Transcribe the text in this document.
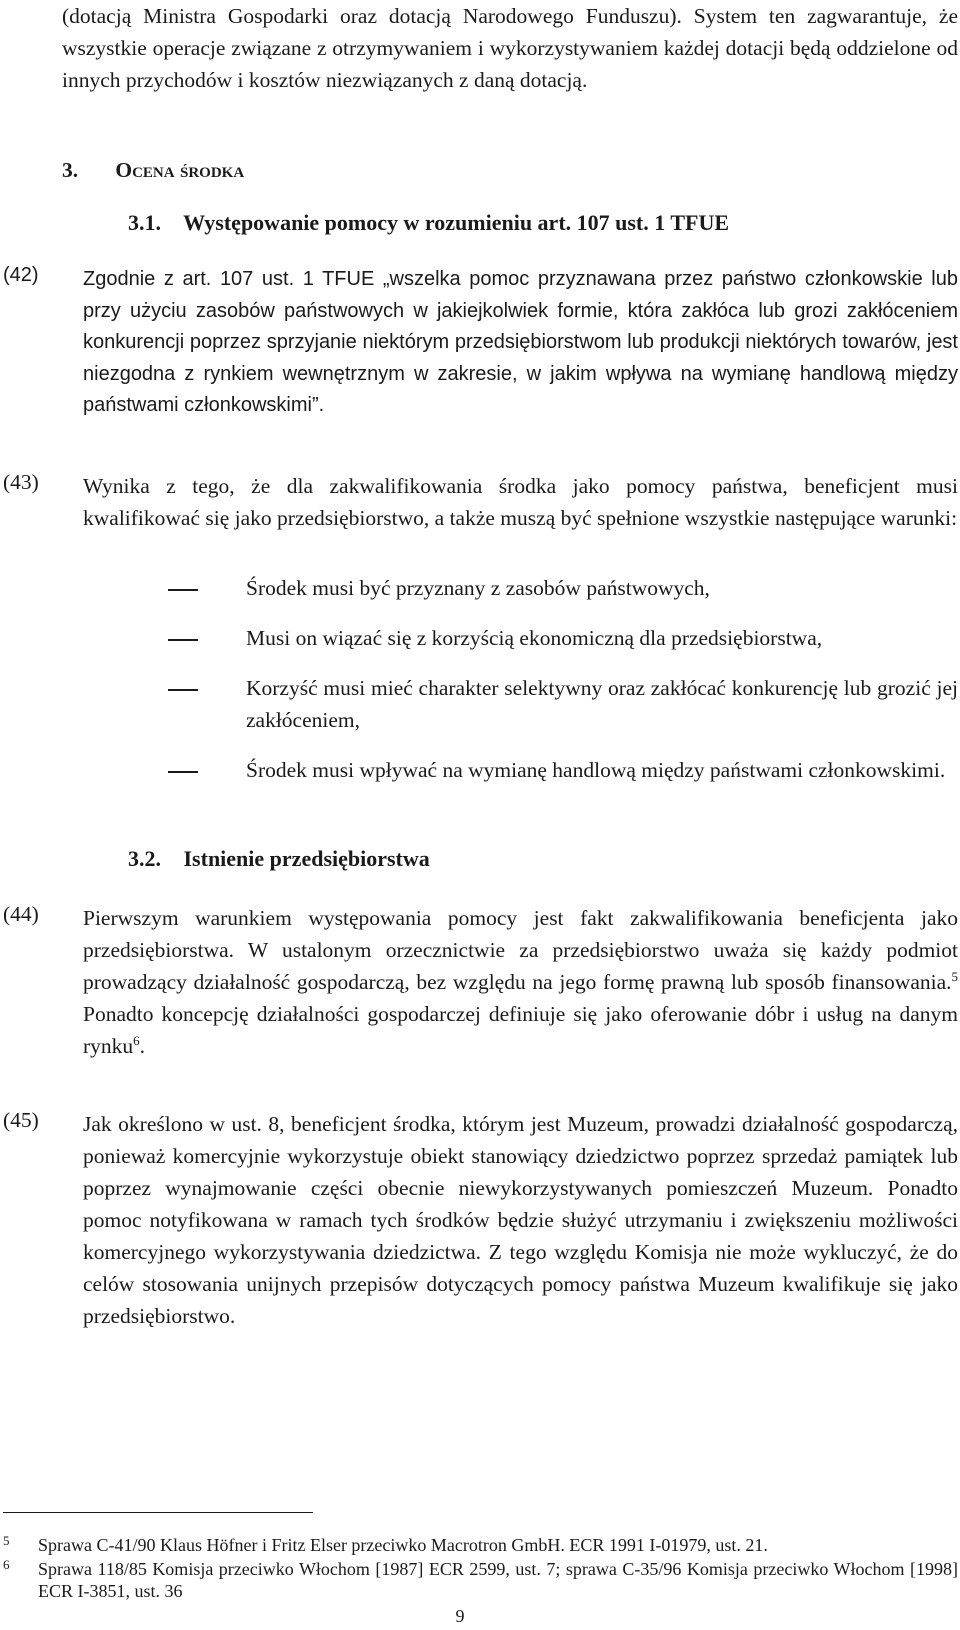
(dotacją Ministra Gospodarki oraz dotacją Narodowego Funduszu). System ten zagwarantuje, że wszystkie operacje związane z otrzymywaniem i wykorzystywaniem każdej dotacji będą oddzielone od innych przychodów i kosztów niezwiązanych z daną dotacją.
3. Ocena środka
3.1. Występowanie pomocy w rozumieniu art. 107 ust. 1 TFUE
(42) Zgodnie z art. 107 ust. 1 TFUE „wszelka pomoc przyznawana przez państwo członkowskie lub przy użyciu zasobów państwowych w jakiejkolwiek formie, która zakłóca lub grozi zakłóceniem konkurencji poprzez sprzyjanie niektórym przedsiębiorstwom lub produkcji niektórych towarów, jest niezgodna z rynkiem wewnętrznym w zakresie, w jakim wpływa na wymianę handlową między państwami członkowskimi”.
(43) Wynika z tego, że dla zakwalifikowania środka jako pomocy państwa, beneficjent musi kwalifikować się jako przedsiębiorstwo, a także muszą być spełnione wszystkie następujące warunki:
Środek musi być przyznany z zasobów państwowych,
Musi on wiązać się z korzyścią ekonomiczną dla przedsiębiorstwa,
Korzyść musi mieć charakter selektywny oraz zakłócać konkurencję lub grozić jej zakłóceniem,
Środek musi wpływać na wymianę handlową między państwami członkowskimi.
3.2. Istnienie przedsiębiorstwa
(44) Pierwszym warunkiem występowania pomocy jest fakt zakwalifikowania beneficjenta jako przedsiębiorstwa. W ustalonym orzecznictwie za przedsiębiorstwo uważa się każdy podmiot prowadzący działalność gospodarczą, bez względu na jego formę prawną lub sposób finansowania.$^5$ Ponadto koncepcję działalności gospodarczej definiuje się jako oferowanie dóbr i usług na danym rynku$^6$.
(45) Jak określono w ust. 8, beneficjent środka, którym jest Muzeum, prowadzi działalność gospodarczą, ponieważ komercyjnie wykorzystuje obiekt stanowiący dziedzictwo poprzez sprzedaż pamiątek lub poprzez wynajmowanie części obecnie niewykorzystywanych pomieszczeń Muzeum. Ponadto pomoc notyfikowana w ramach tych środków będzie służyć utrzymaniu i zwiększeniu możliwości komercyjnego wykorzystywania dziedzictwa. Z tego względu Komisja nie może wykluczyć, że do celów stosowania unijnych przepisów dotyczących pomocy państwa Muzeum kwalifikuje się jako przedsiębiorstwo.
5 Sprawa C-41/90 Klaus Höfner i Fritz Elser przeciwko Macrotron GmbH. ECR 1991 I-01979, ust. 21.
6 Sprawa 118/85 Komisja przeciwko Włochom [1987] ECR 2599, ust. 7; sprawa C-35/96 Komisja przeciwko Włochom [1998] ECR I-3851, ust. 36
9
